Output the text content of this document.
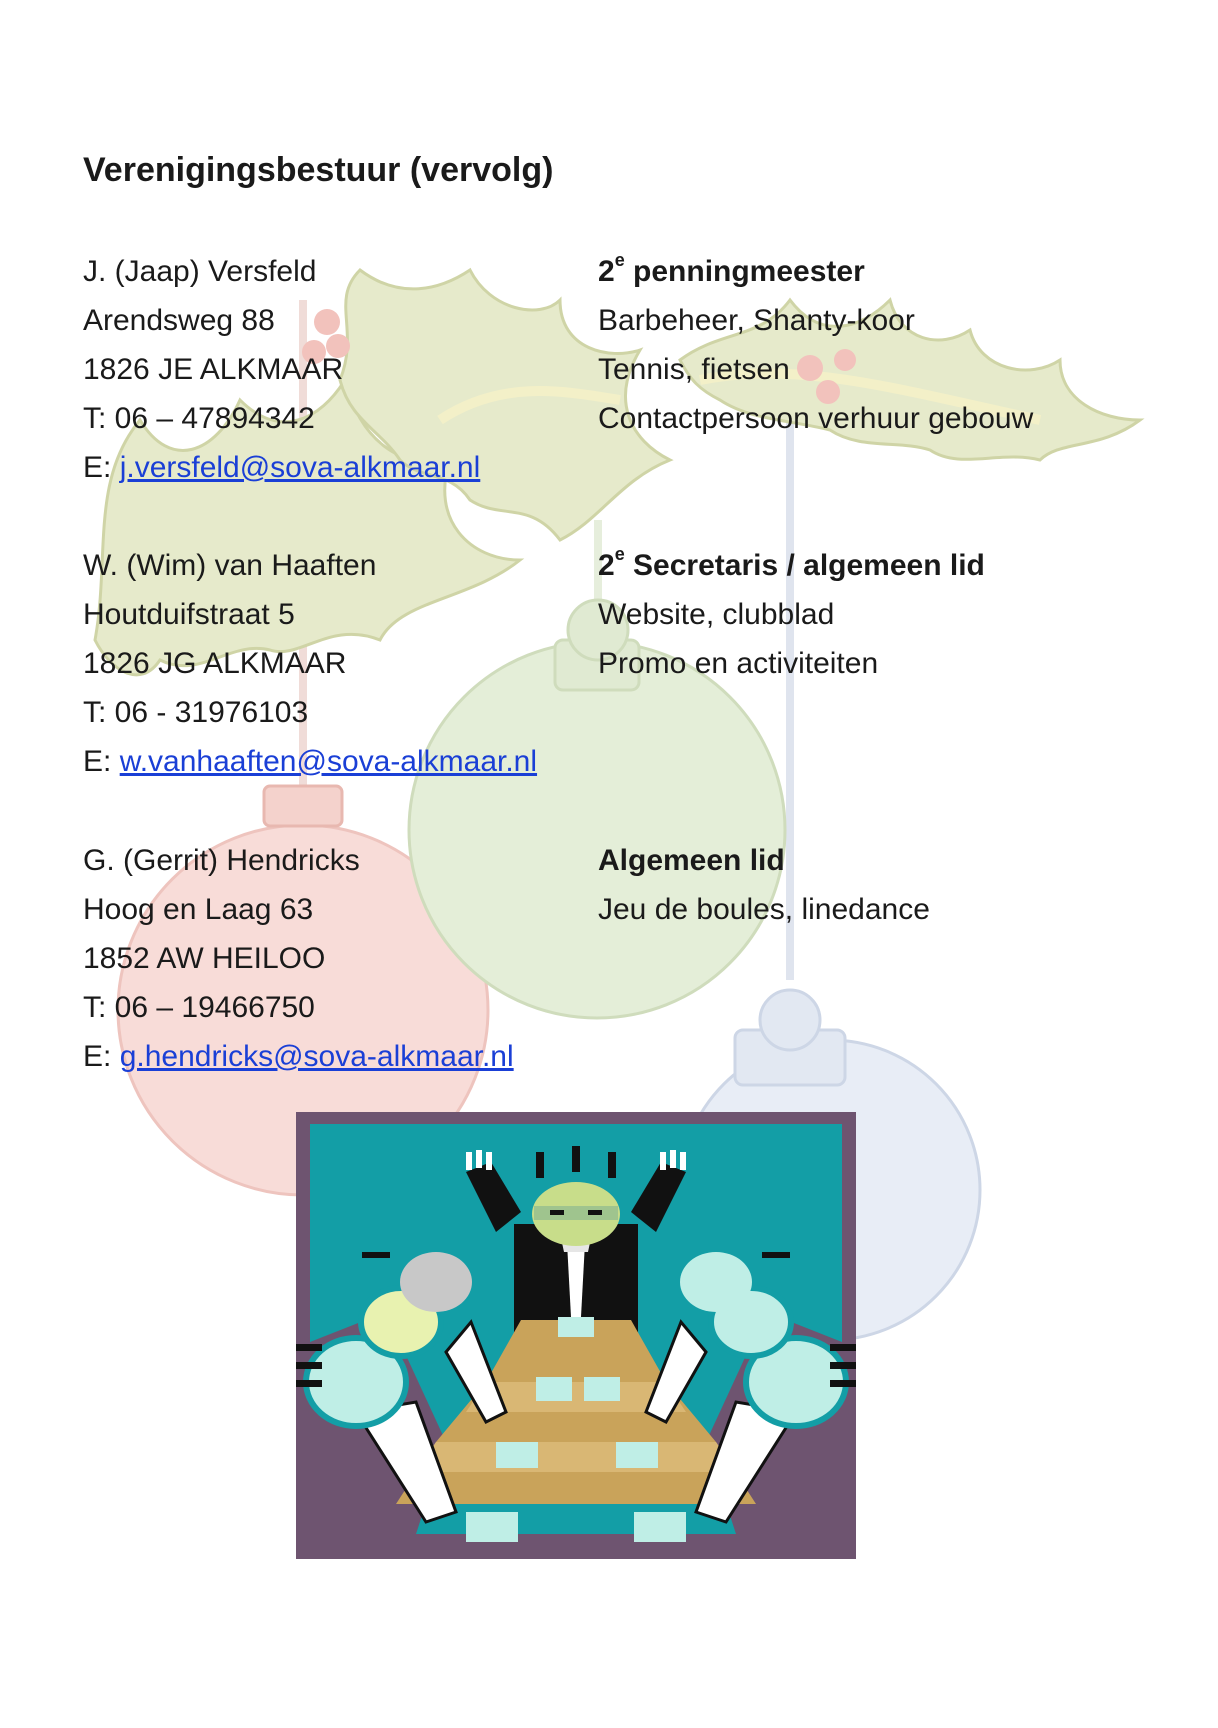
Verenigingsbestuur (vervolg)
J. (Jaap) Versfeld
Arendsweg 88
1826 JE ALKMAAR
T: 06 – 47894342
E: j.versfeld@sova-alkmaar.nl
2e penningmeester
Barbeheer, Shanty-koor
Tennis, fietsen
Contactpersoon verhuur gebouw
W. (Wim) van Haaften
Houtduifstraat 5
1826 JG ALKMAAR
T: 06 - 31976103
E: w.vanhaaften@sova-alkmaar.nl
2e Secretaris / algemeen lid
Website, clubblad
Promo en activiteiten
G. (Gerrit) Hendricks
Hoog en Laag 63
1852 AW HEILOO
T: 06 – 19466750
E: g.hendricks@sova-alkmaar.nl
Algemeen lid
Jeu de boules, linedance
